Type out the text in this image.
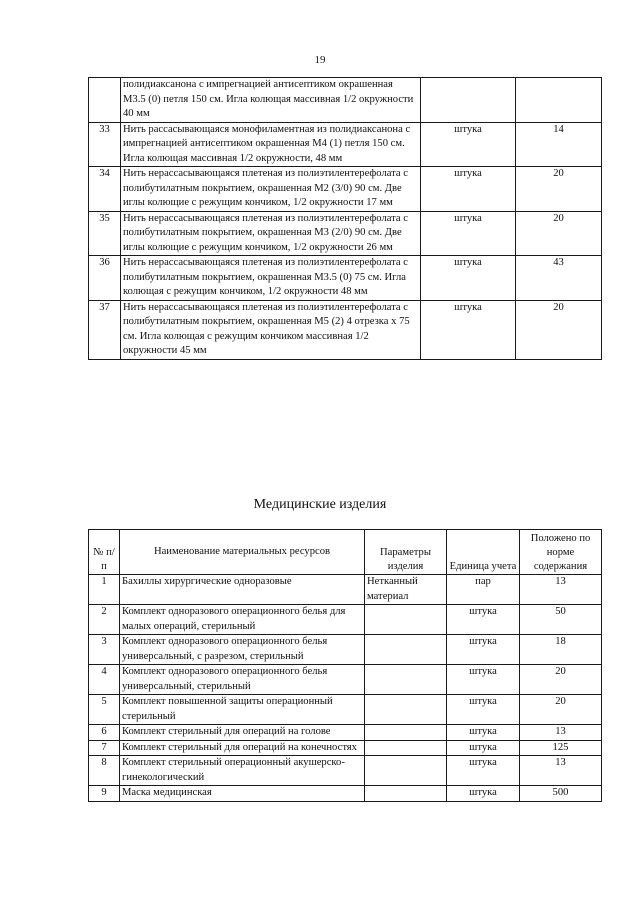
19
	полидиаксанона с импрегнацией антисептиком окрашенная М3.5 (0) петля 150 см. Игла колющая массивная 1/2 окружности 40 мм		
33	Нить рассасывающаяся монофиламентная из полидиаксанона с импрегнацией антисептиком окрашенная М4 (1) петля 150 см. Игла колющая массивная 1/2 окружности, 48 мм	штука	14
34	Нить нерассасывающаяся плетеная из полиэтилентерефолата с полибутилатным покрытием, окрашенная М2 (3/0) 90 см. Две иглы колющие с режущим кончиком, 1/2 окружности 17 мм	штука	20
35	Нить нерассасывающаяся плетеная из полиэтилентерефолата с полибутилатным покрытием, окрашенная М3 (2/0) 90 см. Две иглы колющие с режущим кончиком, 1/2 окружности 26 мм	штука	20
36	Нить нерассасывающаяся плетеная из полиэтилентерефолата с полибутилатным покрытием, окрашенная М3.5 (0) 75 см. Игла колющая с режущим кончиком, 1/2 окружности 48 мм	штука	43
37	Нить нерассасывающаяся плетеная из полиэтилентерефолата с полибутилатным покрытием, окрашенная М5 (2) 4 отрезка х 75 см. Игла колющая с режущим кончиком массивная 1/2 окружности 45 мм	штука	20
Медицинские изделия
№ п/п	Наименование материальных ресурсов	Параметры изделия	Единица учета	Положено по норме содержания
1	Бахиллы хирургические одноразовые	Нетканный материал	пар	13
2	Комплект одноразового операционного белья для малых операций, стерильный		штука	50
3	Комплект одноразового операционного белья универсальный, с разрезом, стерильный		штука	18
4	Комплект одноразового операционного белья универсальный, стерильный		штука	20
5	Комплект повышенной защиты операционный стерильный		штука	20
6	Комплект стерильный для операций на голове		штука	13
7	Комплект стерильный для операций на конечностях		штука	125
8	Комплект стерильный операционный акушерско-гинекологический		штука	13
9	Маска медицинская		штука	500
